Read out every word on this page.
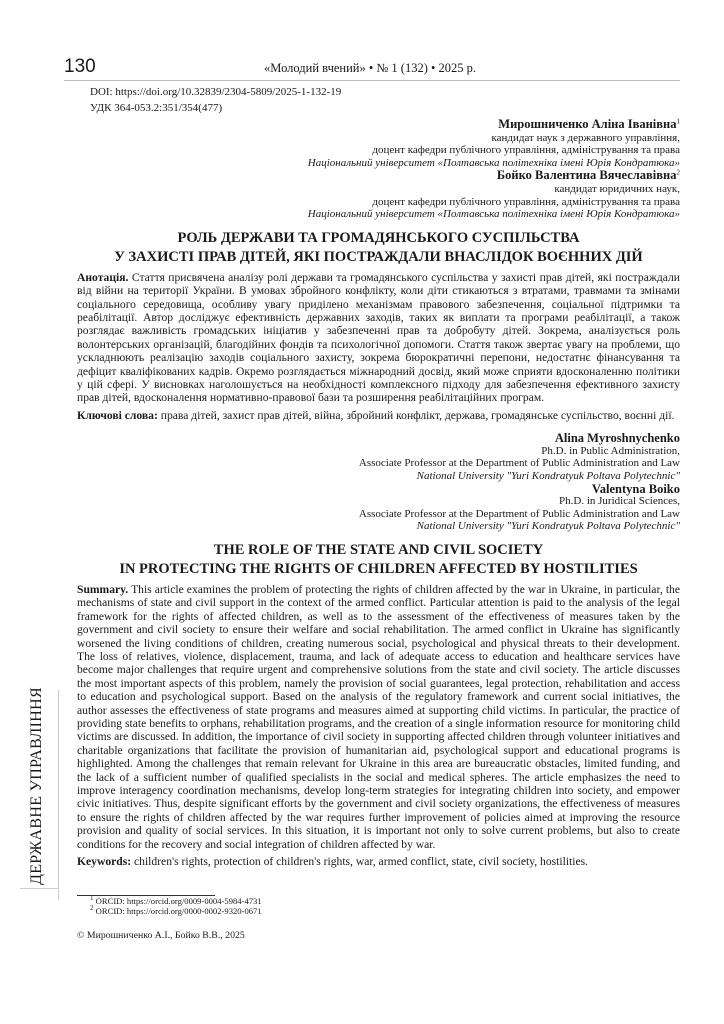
130	«Молодий вчений» • № 1 (132) • 2025 р.
ДЕРЖАВНЕ УПРАВЛІННЯ
DOI: https://doi.org/10.32839/2304-5809/2025-1-132-19
УДК 364-053.2:351/354(477)
Мирошниченко Аліна Іванівна$^1$
кандидат наук з державного управління,
доцент кафедри публічного управління, адміністрування та права
Національний університет «Полтавська політехніка імені Юрія Кондратюка»
Бойко Валентина Вячеславівна$^2$
кандидат юридичних наук,
доцент кафедри публічного управління, адміністрування та права
Національний університет «Полтавська політехніка імені Юрія Кондратюка»
РОЛЬ ДЕРЖАВИ ТА ГРОМАДЯНСЬКОГО СУСПІЛЬСТВА
У ЗАХИСТІ ПРАВ ДІТЕЙ, ЯКІ ПОСТРАЖДАЛИ ВНАСЛІДОК ВОЄННИХ ДІЙ
Анотація. Стаття присвячена аналізу ролі держави та громадянського суспільства у захисті прав дітей, які постраждали від війни на території України. В умовах збройного конфлікту, коли діти стикаються з втратами, травмами та змінами соціального середовища, особливу увагу приділено механізмам правового забезпечення, соціальної підтримки та реабілітації. Автор досліджує ефективність державних заходів, таких як виплати та програми реабілітації, а також розглядає важливість громадських ініціатив у забезпеченні прав та добробуту дітей. Зокрема, аналізується роль волонтерських організацій, благодійних фондів та психологічної допомоги. Стаття також звертає увагу на проблеми, що ускладнюють реалізацію заходів соціального захисту, зокрема бюрократичні перепони, недостатнє фінансування та дефіцит кваліфікованих кадрів. Окремо розглядається міжнародний досвід, який може сприяти вдосконаленню політики у цій сфері. У висновках наголошується на необхідності комплексного підходу для забезпечення ефективного захисту прав дітей, вдосконалення нормативно-правової бази та розширення реабілітаційних програм.
Ключові слова: права дітей, захист прав дітей, війна, збройний конфлікт, держава, громадянське суспільство, воєнні дії.
Alina Myroshnychenko
Ph.D. in Public Administration,
Associate Professor at the Department of Public Administration and Law
National University "Yuri Kondratyuk Poltava Polytechnic"
Valentyna Boiko
Ph.D. in Juridical Sciences,
Associate Professor at the Department of Public Administration and Law
National University "Yuri Kondratyuk Poltava Polytechnic"
THE ROLE OF THE STATE AND CIVIL SOCIETY
IN PROTECTING THE RIGHTS OF CHILDREN AFFECTED BY HOSTILITIES
Summary. This article examines the problem of protecting the rights of children affected by the war in Ukraine, in particular, the mechanisms of state and civil support in the context of the armed conflict. Particular attention is paid to the analysis of the legal framework for the rights of affected children, as well as to the assessment of the effectiveness of measures taken by the government and civil society to ensure their welfare and social rehabilitation. The armed conflict in Ukraine has significantly worsened the living conditions of children, creating numerous social, psychological and physical threats to their development. The loss of relatives, violence, displacement, trauma, and lack of adequate access to education and healthcare services have become major challenges that require urgent and comprehensive solutions from the state and civil society. The article discusses the most important aspects of this problem, namely the provision of social guarantees, legal protection, rehabilitation and access to education and psychological support. Based on the analysis of the regulatory framework and current social initiatives, the author assesses the effectiveness of state programs and measures aimed at supporting child victims. In particular, the practice of providing state benefits to orphans, rehabilitation programs, and the creation of a single information resource for monitoring child victims are discussed. In addition, the importance of civil society in supporting affected children through volunteer initiatives and charitable organizations that facilitate the provision of humanitarian aid, psychological support and educational programs is highlighted. Among the challenges that remain relevant for Ukraine in this area are bureaucratic obstacles, limited funding, and the lack of a sufficient number of qualified specialists in the social and medical spheres. The article emphasizes the need to improve interagency coordination mechanisms, develop long-term strategies for integrating children into society, and empower civic initiatives. Thus, despite significant efforts by the government and civil society organizations, the effectiveness of measures to ensure the rights of children affected by the war requires further improvement of policies aimed at improving the resource provision and quality of social services. In this situation, it is important not only to solve current problems, but also to create conditions for the recovery and social integration of children affected by war.
Keywords: children's rights, protection of children's rights, war, armed conflict, state, civil society, hostilities.
$^1$ ORCID: https://orcid.org/0009-0004-5984-4731
$^2$ ORCID: https://orcid.org/0000-0002-9320-0671
© Мирошниченко А.І., Бойко В.В., 2025
